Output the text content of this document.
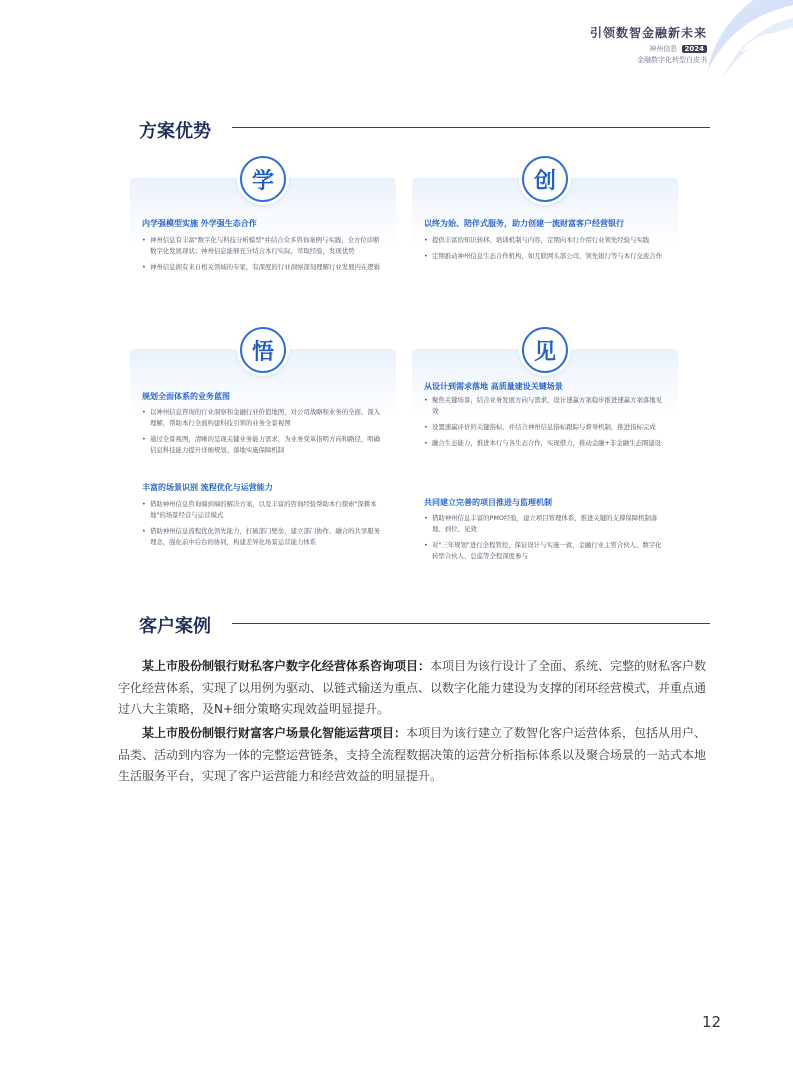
引领数智金融新未来
神州信息 2024
金融数字化转型白皮书
方案优势
学
内学强模型实施 外学强生态合作
• 神州信息有丰富"数字化与科技分析模型"并结合众多咨询案例与实践，全方位诊断数字化发展现状；神州信息能够充分结合本行实际，萃取经验，发现优势
• 神州信息拥有来自相关领域的专家，有深度的行业洞察深刻理解行业发展内在逻辑
创
以终为始、陪伴式服务，助力创建一流财富客户经营银行
• 提供丰富的知识转移、培训机制与内容，定期向本行介绍行业领先经验与实践
• 定期推动神州信息生态合作机构，如互联网头部公司、领先银行等与本行交流合作
悟
规划全面体系的业务蓝图
• 以神州信息咨询的行业洞察和金融行业价值地图，对公司战略和业务的全面、深入理解，帮助本行全面构建科技引领的业务全景视图
• 通过全景视图，清晰的呈现关键业务能力需求，为业务变革指明方向和路径，明确信息科技能力提升详细规划、落地实施保障机制
丰富的场景识别 流程优化与运营能力
• 借助神州信息咨询端到端的解决方案，以及丰富的咨询经验帮助本行探索"深耕本地"的场景经营与运营模式
• 借助神州信息流程优化领先能力，打破部门壁垒，建立部门协作、融合的共享服务理念，强化前中后台的协同，构建差异化场景运营能力体系
见
从设计到需求落地 高质量建设关键场景
• 聚焦关键场景，结合业务发展方向与需求，设计速赢方案稳步推进速赢方案落地见效
• 设置速赢评价的关键指标，并结合神州信息指标跟踪与督导机制，推进指标完成
• 融合生态能力，推进本行与各生态合作，实现借力，推动金融+非金融生态圈建设
共同建立完善的项目推进与监理机制
• 借助神州信息丰富的PMO经验，建立项目管理体系，推进关键的支撑保障机制落地、到位、见效
• 对"三年规划"进行全程管控，保证设计与实施一致，金融行业主管合伙人、数字化转型合伙人、总监等全程深度参与
客户案例
某上市股份制银行财私客户数字化经营体系咨询项目：本项目为该行设计了全面、系统、完整的财私客户数字化经营体系，实现了以用例为驱动、以链式输送为重点、以数字化能力建设为支撑的闭环经营模式，并重点通过八大主策略，及N+细分策略实现效益明显提升。
某上市股份制银行财富客户场景化智能运营项目：本项目为该行建立了数智化客户运营体系，包括从用户、品类、活动到内容为一体的完整运营链条，支持全流程数据决策的运营分析指标体系以及聚合场景的一站式本地生活服务平台，实现了客户运营能力和经营效益的明显提升。
12
